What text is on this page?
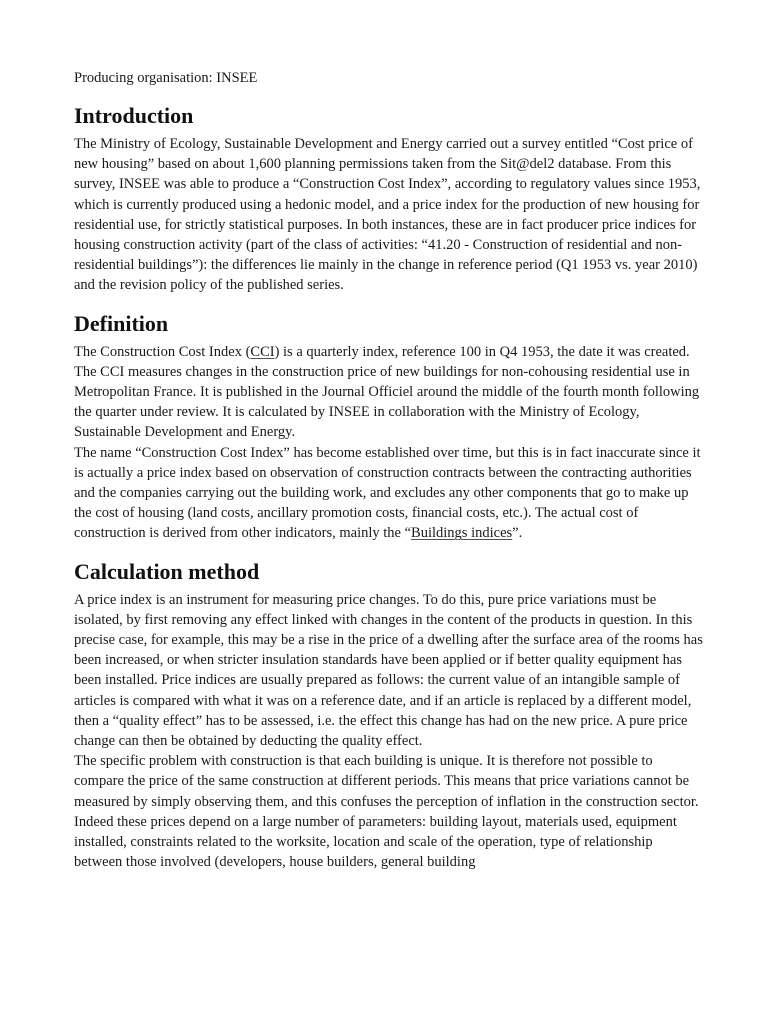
Producing organisation: INSEE

Introduction

The Ministry of Ecology, Sustainable Development and Energy carried out a survey entitled “Cost price of new housing” based on about 1,600 planning permissions taken from the Sit@del2 database. From this survey, INSEE was able to produce a “Construction Cost Index”, according to regulatory values since 1953, which is currently produced using a hedonic model, and a price index for the production of new housing for residential use, for strictly statistical purposes. In both instances, these are in fact producer price indices for housing construction activity (part of the class of activities: “41.20 - Construction of residential and non-residential buildings”): the differences lie mainly in the change in reference period (Q1 1953 vs. year 2010) and the revision policy of the published series.

Definition

The Construction Cost Index (CCI) is a quarterly index, reference 100 in Q4 1953, the date it was created. The CCI measures changes in the construction price of new buildings for non-cohousing residential use in Metropolitan France. It is published in the Journal Officiel around the middle of the fourth month following the quarter under review. It is calculated by INSEE in collaboration with the Ministry of Ecology, Sustainable Development and Energy.

The name “Construction Cost Index” has become established over time, but this is in fact inaccurate since it is actually a price index based on observation of construction contracts between the contracting authorities and the companies carrying out the building work, and excludes any other components that go to make up the cost of housing (land costs, ancillary promotion costs, financial costs, etc.). The actual cost of construction is derived from other indicators, mainly the “Buildings indices”.

Calculation method

A price index is an instrument for measuring price changes. To do this, pure price variations must be isolated, by first removing any effect linked with changes in the content of the products in question. In this precise case, for example, this may be a rise in the price of a dwelling after the surface area of the rooms has been increased, or when stricter insulation standards have been applied or if better quality equipment has been installed. Price indices are usually prepared as follows: the current value of an intangible sample of articles is compared with what it was on a reference date, and if an article is replaced by a different model, then a “quality effect” has to be assessed, i.e. the effect this change has had on the new price. A pure price change can then be obtained by deducting the quality effect.

The specific problem with construction is that each building is unique. It is therefore not possible to compare the price of the same construction at different periods. This means that price variations cannot be measured by simply observing them, and this confuses the perception of inflation in the construction sector. Indeed these prices depend on a large number of parameters: building layout, materials used, equipment installed, constraints related to the worksite, location and scale of the operation, type of relationship between those involved (developers, house builders, general building
